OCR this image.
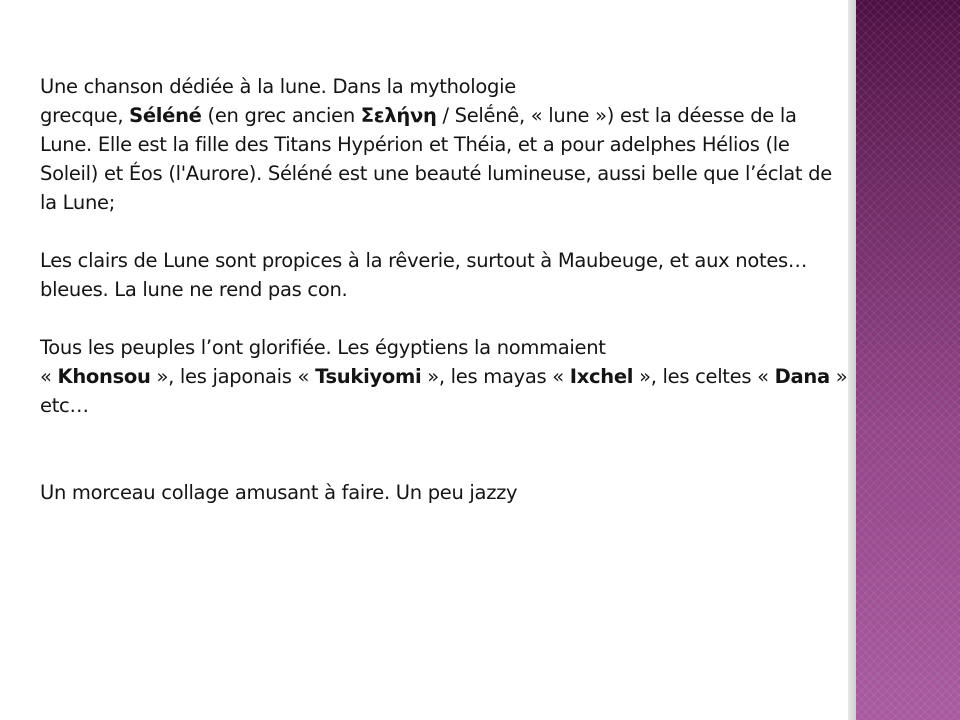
Une chanson dédiée à la lune. Dans la mythologie
grecque, Séléné (en grec ancien Σελήνη / Selḗnê, « lune ») est la déesse de la Lune. Elle est la fille des Titans Hypérion et Théia, et a pour adelphes Hélios (le Soleil) et Éos (l'Aurore). Séléné est une beauté lumineuse, aussi belle que l’éclat de la Lune;

Les clairs de Lune sont propices à la rêverie, surtout à Maubeuge, et aux notes…bleues. La lune ne rend pas con.

Tous les peuples l’ont glorifiée. Les égyptiens la nommaient
« Khonsou », les japonais « Tsukiyomi », les mayas « Ixchel », les celtes « Dana » etc…

Un morceau collage amusant à faire. Un peu jazzy
